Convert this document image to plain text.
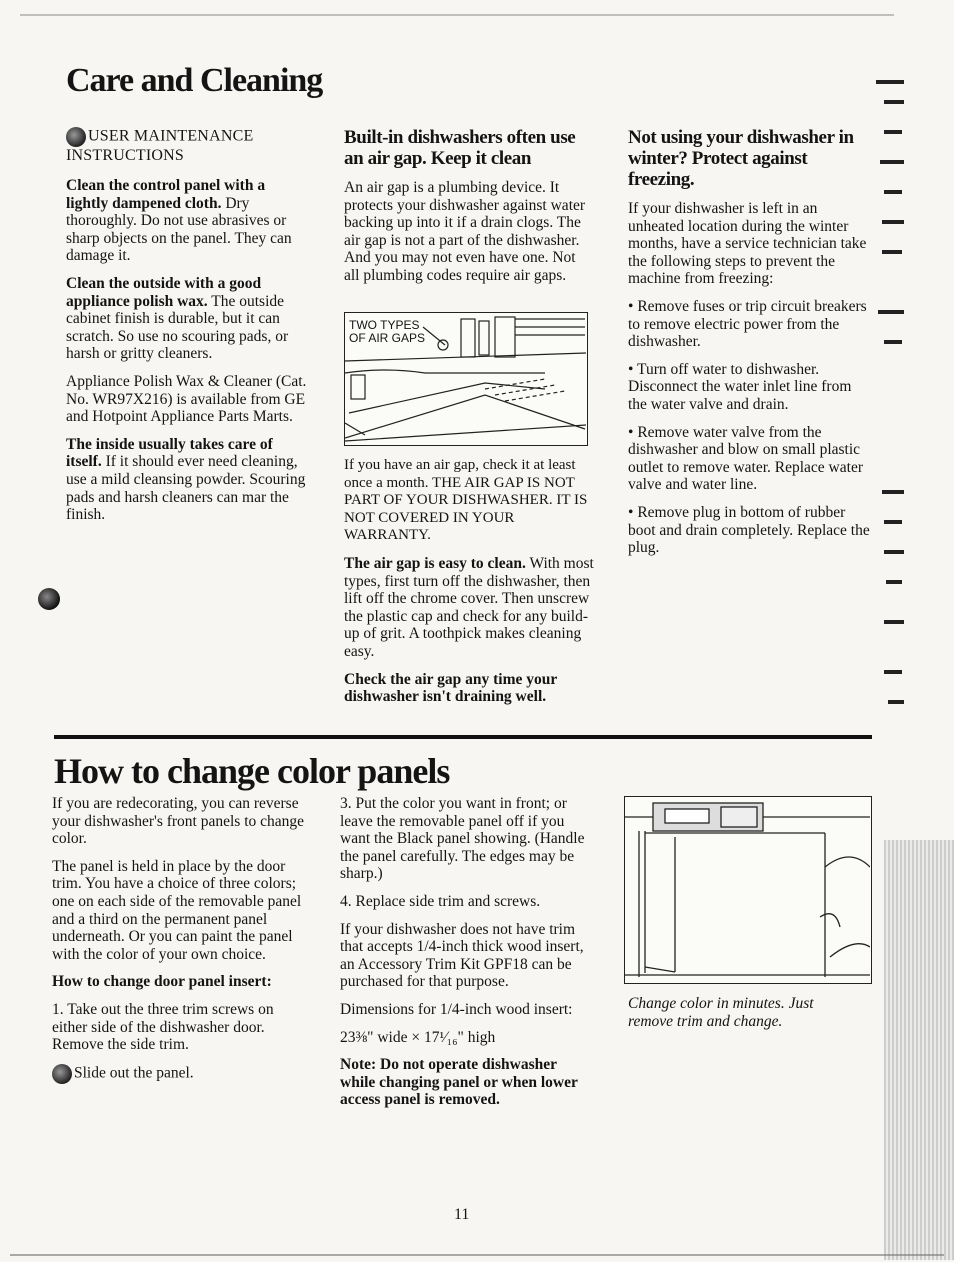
Care and Cleaning
USER MAINTENANCE
INSTRUCTIONS

Clean the control panel with a lightly dampened cloth. Dry thoroughly. Do not use abrasives or sharp objects on the panel. They can damage it.

Clean the outside with a good appliance polish wax. The outside cabinet finish is durable, but it can scratch. So use no scouring pads, or harsh or gritty cleaners.

Appliance Polish Wax & Cleaner (Cat. No. WR97X216) is available from GE and Hotpoint Appliance Parts Marts.

The inside usually takes care of itself. If it should ever need cleaning, use a mild cleansing powder. Scouring pads and harsh cleaners can mar the finish.

Built-in dishwashers often use an air gap. Keep it clean

An air gap is a plumbing device. It protects your dishwasher against water backing up into it if a drain clogs. The air gap is not a part of the dishwasher. And you may not even have one. Not all plumbing codes require air gaps.

TWO TYPES
OF AIR GAPS

If you have an air gap, check it at least once a month. THE AIR GAP IS NOT PART OF YOUR DISHWASHER. IT IS NOT COVERED IN YOUR WARRANTY.

The air gap is easy to clean. With most types, first turn off the dishwasher, then lift off the chrome cover. Then unscrew the plastic cap and check for any build-up of grit. A toothpick makes cleaning easy.

Check the air gap any time your dishwasher isn't draining well.

Not using your dishwasher in winter? Protect against freezing.

If your dishwasher is left in an unheated location during the winter months, have a service technician take the following steps to prevent the machine from freezing:

• Remove fuses or trip circuit breakers to remove electric power from the dishwasher.

• Turn off water to dishwasher. Disconnect the water inlet line from the water valve and drain.

• Remove water valve from the dishwasher and blow on small plastic outlet to remove water. Replace water valve and water line.

• Remove plug in bottom of rubber boot and drain completely. Replace the plug.

How to change color panels

If you are redecorating, you can reverse your dishwasher's front panels to change color.

The panel is held in place by the door trim. You have a choice of three colors; one on each side of the removable panel and a third on the permanent panel underneath. Or you can paint the panel with the color of your own choice.

How to change door panel insert:

1. Take out the three trim screws on either side of the dishwasher door. Remove the side trim.

Slide out the panel.

3. Put the color you want in front; or leave the removable panel off if you want the Black panel showing. (Handle the panel carefully. The edges may be sharp.)

4. Replace side trim and screws.

If your dishwasher does not have trim that accepts 1/4-inch thick wood insert, an Accessory Trim Kit GPF18 can be purchased for that purpose.

Dimensions for 1/4-inch wood insert:

23⅜" wide × 17¹⁄₁₆" high

Note: Do not operate dishwasher while changing panel or when lower access panel is removed.

Change color in minutes. Just remove trim and change.

11
